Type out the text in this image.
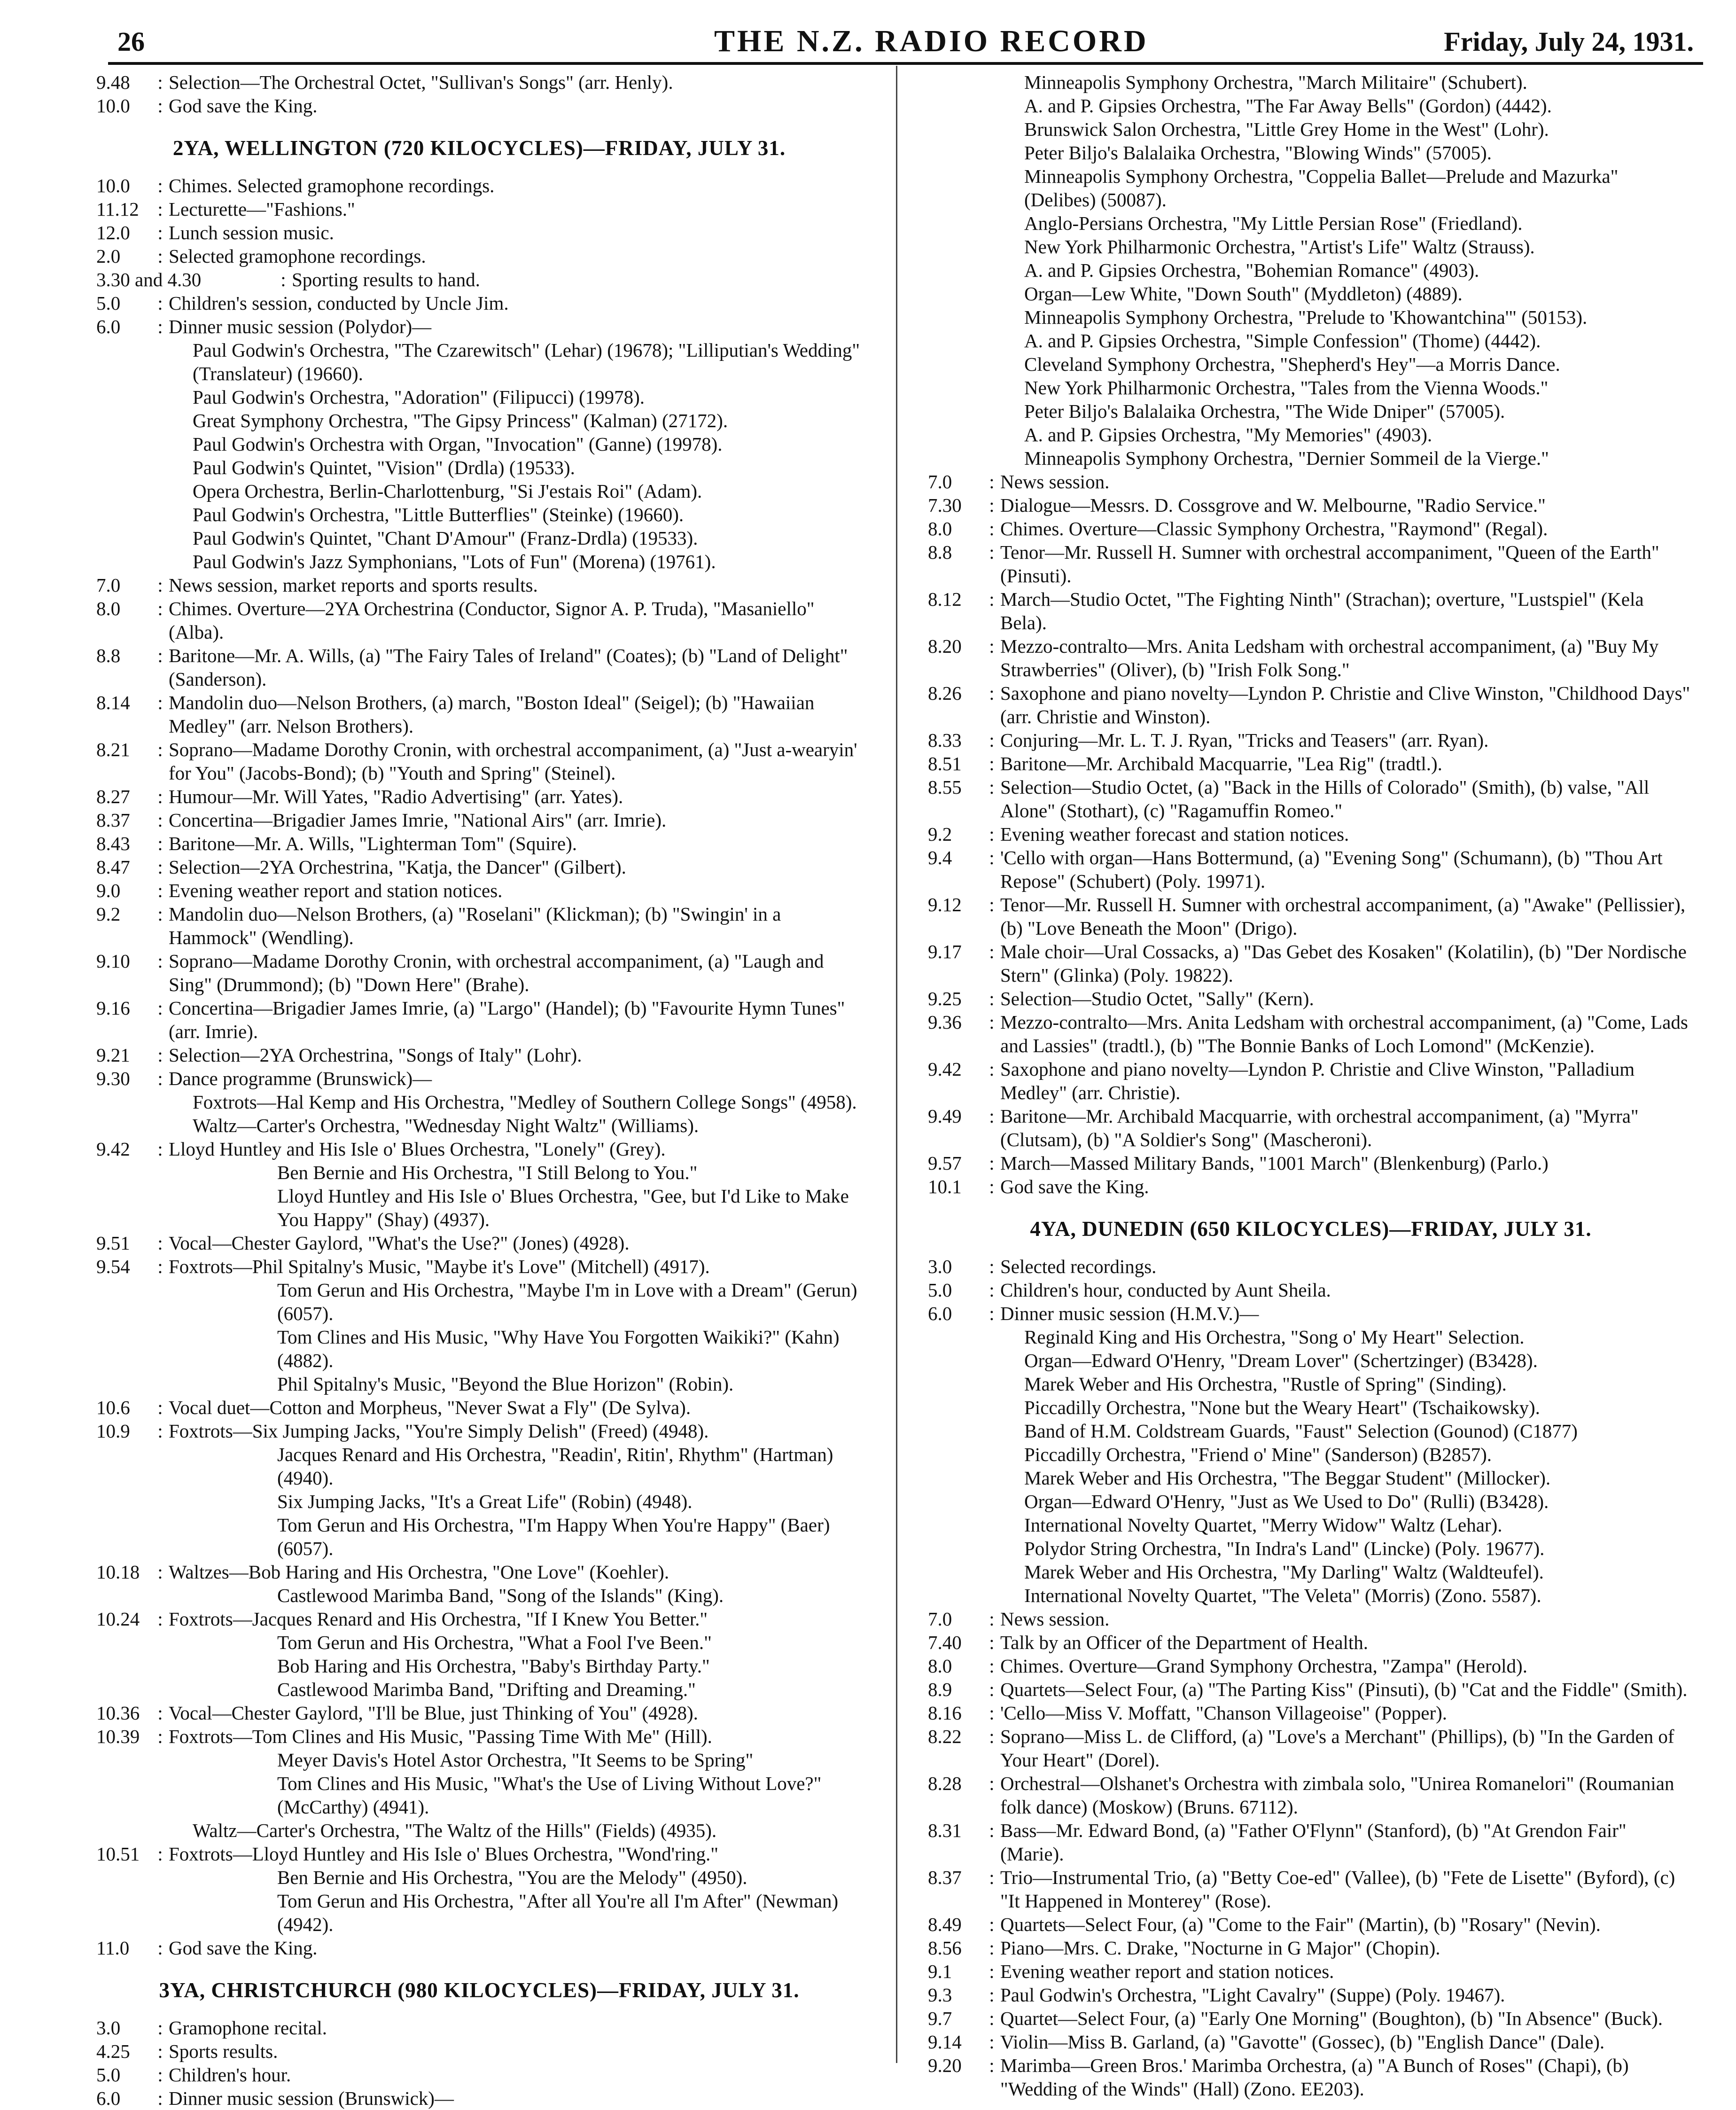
26	THE N.Z. RADIO RECORD	Friday, July 24, 1931.
9.48	: Selection—The Orchestral Octet, "Sullivan's Songs" (arr. Henly).
10.0	: God save the King.
2YA, WELLINGTON (720 KILOCYCLES)—FRIDAY, JULY 31.
10.0	: Chimes. Selected gramophone recordings.
11.12 : Lecturette—"Fashions."
12.0	: Lunch session music.
2.0	: Selected gramophone recordings.
3.30 and 4.30	: Sporting results to hand.
5.0	: Children's session, conducted by Uncle Jim.
6.0	: Dinner music session (Polydor)—
Paul Godwin's Orchestra, "The Czarewitsch" (Lehar) (19678); "Lilliputian's Wedding" (Translateur) (19660).
Paul Godwin's Orchestra, "Adoration" (Filipucci) (19978).
Great Symphony Orchestra, "The Gipsy Princess" (Kalman) (27172).
Paul Godwin's Orchestra with Organ, "Invocation" (Ganne) (19978).
Paul Godwin's Quintet, "Vision" (Drdla) (19533).
Opera Orchestra, Berlin-Charlottenburg, "Si J'estais Roi" (Adam).
Paul Godwin's Orchestra, "Little Butterflies" (Steinke) (19660).
Paul Godwin's Quintet, "Chant D'Amour" (Franz-Drdla) (19533).
Paul Godwin's Jazz Symphonians, "Lots of Fun" (Morena) (19761).
7.0	: News session, market reports and sports results.
8.0	: Chimes. Overture—2YA Orchestrina (Conductor, Signor A. P. Truda), "Masaniello" (Alba).
8.8	: Baritone—Mr. A. Wills, (a) "The Fairy Tales of Ireland" (Coates); (b) "Land of Delight" (Sanderson).
8.14	: Mandolin duo—Nelson Brothers, (a) march, "Boston Ideal" (Seigel); (b) "Hawaiian Medley" (arr. Nelson Brothers).
8.21	: Soprano—Madame Dorothy Cronin, with orchestral accompaniment, (a) "Just a-wearyin' for You" (Jacobs-Bond); (b) "Youth and Spring" (Steinel).
8.27	: Humour—Mr. Will Yates, "Radio Advertising" (arr. Yates).
8.37	: Concertina—Brigadier James Imrie, "National Airs" (arr. Imrie).
8.43	: Baritone—Mr. A. Wills, "Lighterman Tom" (Squire).
8.47	: Selection—2YA Orchestrina, "Katja, the Dancer" (Gilbert).
9.0	: Evening weather report and station notices.
9.2	: Mandolin duo—Nelson Brothers, (a) "Roselani" (Klickman); (b) "Swingin' in a Hammock" (Wendling).
9.10	: Soprano—Madame Dorothy Cronin, with orchestral accompaniment, (a) "Laugh and Sing" (Drummond); (b) "Down Here" (Brahe).
9.16	: Concertina—Brigadier James Imrie, (a) "Largo" (Handel); (b) "Favourite Hymn Tunes" (arr. Imrie).
9.21	: Selection—2YA Orchestrina, "Songs of Italy" (Lohr).
9.30	: Dance programme (Brunswick)—
Foxtrots—Hal Kemp and His Orchestra, "Medley of Southern College Songs" (4958).
Waltz—Carter's Orchestra, "Wednesday Night Waltz" (Williams).
9.42	: Lloyd Huntley and His Isle o' Blues Orchestra, "Lonely" (Grey).
Ben Bernie and His Orchestra, "I Still Belong to You."
Lloyd Huntley and His Isle o' Blues Orchestra, "Gee, but I'd Like to Make You Happy" (Shay) (4937).
9.51	: Vocal—Chester Gaylord, "What's the Use?" (Jones) (4928).
9.54	: Foxtrots—Phil Spitalny's Music, "Maybe it's Love" (Mitchell) (4917).
Tom Gerun and His Orchestra, "Maybe I'm in Love with a Dream" (Gerun) (6057).
Tom Clines and His Music, "Why Have You Forgotten Waikiki?" (Kahn) (4882).
Phil Spitalny's Music, "Beyond the Blue Horizon" (Robin).
10.6	: Vocal duet—Cotton and Morpheus, "Never Swat a Fly" (De Sylva).
10.9	: Foxtrots—Six Jumping Jacks, "You're Simply Delish" (Freed) (4948).
Jacques Renard and His Orchestra, "Readin', Ritin', Rhythm" (Hartman) (4940).
Six Jumping Jacks, "It's a Great Life" (Robin) (4948).
Tom Gerun and His Orchestra, "I'm Happy When You're Happy" (Baer) (6057).
10.18 : Waltzes—Bob Haring and His Orchestra, "One Love" (Koehler).
Castlewood Marimba Band, "Song of the Islands" (King).
10.24 : Foxtrots—Jacques Renard and His Orchestra, "If I Knew You Better."
Tom Gerun and His Orchestra, "What a Fool I've Been."
Bob Haring and His Orchestra, "Baby's Birthday Party."
Castlewood Marimba Band, "Drifting and Dreaming."
10.36 : Vocal—Chester Gaylord, "I'll be Blue, just Thinking of You" (4928).
10.39 : Foxtrots—Tom Clines and His Music, "Passing Time With Me" (Hill).
Meyer Davis's Hotel Astor Orchestra, "It Seems to be Spring"
Tom Clines and His Music, "What's the Use of Living Without Love?" (McCarthy) (4941).
Waltz—Carter's Orchestra, "The Waltz of the Hills" (Fields) (4935).
10.51 : Foxtrots—Lloyd Huntley and His Isle o' Blues Orchestra, "Wond'ring."
Ben Bernie and His Orchestra, "You are the Melody" (4950).
Tom Gerun and His Orchestra, "After all You're all I'm After" (Newman) (4942).
11.0	: God save the King.
3YA, CHRISTCHURCH (980 KILOCYCLES)—FRIDAY, JULY 31.
3.0	: Gramophone recital.
4.25	: Sports results.
5.0	: Children's hour.
6.0	: Dinner music session (Brunswick)—
Minneapolis Symphony Orchestra, "March Militaire" (Schubert).
A. and P. Gipsies Orchestra, "The Far Away Bells" (Gordon) (4442).
Brunswick Salon Orchestra, "Little Grey Home in the West" (Lohr).
Peter Biljo's Balalaika Orchestra, "Blowing Winds" (57005).
Minneapolis Symphony Orchestra, "Coppelia Ballet—Prelude and Mazurka" (Delibes) (50087).
Anglo-Persians Orchestra, "My Little Persian Rose" (Friedland).
New York Philharmonic Orchestra, "Artist's Life" Waltz (Strauss).
A. and P. Gipsies Orchestra, "Bohemian Romance" (4903).
Organ—Lew White, "Down South" (Myddleton) (4889).
Minneapolis Symphony Orchestra, "Prelude to 'Khowantchina'" (50153).
A. and P. Gipsies Orchestra, "Simple Confession" (Thome) (4442).
Cleveland Symphony Orchestra, "Shepherd's Hey"—a Morris Dance.
New York Philharmonic Orchestra, "Tales from the Vienna Woods."
Peter Biljo's Balalaika Orchestra, "The Wide Dniper" (57005).
A. and P. Gipsies Orchestra, "My Memories" (4903).
Minneapolis Symphony Orchestra, "Dernier Sommeil de la Vierge."
7.0	: News session.
7.30	: Dialogue—Messrs. D. Cossgrove and W. Melbourne, "Radio Service."
8.0	: Chimes. Overture—Classic Symphony Orchestra, "Raymond" (Regal).
8.8	: Tenor—Mr. Russell H. Sumner with orchestral accompaniment, "Queen of the Earth" (Pinsuti).
8.12	: March—Studio Octet, "The Fighting Ninth" (Strachan); overture, "Lustspiel" (Kela Bela).
8.20	: Mezzo-contralto—Mrs. Anita Ledsham with orchestral accompaniment, (a) "Buy My Strawberries" (Oliver), (b) "Irish Folk Song."
8.26	: Saxophone and piano novelty—Lyndon P. Christie and Clive Winston, "Childhood Days" (arr. Christie and Winston).
8.33	: Conjuring—Mr. L. T. J. Ryan, "Tricks and Teasers" (arr. Ryan).
8.51	: Baritone—Mr. Archibald Macquarrie, "Lea Rig" (tradtl.).
8.55	: Selection—Studio Octet, (a) "Back in the Hills of Colorado" (Smith), (b) valse, "All Alone" (Stothart), (c) "Ragamuffin Romeo."
9.2	: Evening weather forecast and station notices.
9.4	: 'Cello with organ—Hans Bottermund, (a) "Evening Song" (Schumann), (b) "Thou Art Repose" (Schubert) (Poly. 19971).
9.12	: Tenor—Mr. Russell H. Sumner with orchestral accompaniment, (a) "Awake" (Pellissier), (b) "Love Beneath the Moon" (Drigo).
9.17	: Male choir—Ural Cossacks, a) "Das Gebet des Kosaken" (Kolatilin), (b) "Der Nordische Stern" (Glinka) (Poly. 19822).
9.25	: Selection—Studio Octet, "Sally" (Kern).
9.36	: Mezzo-contralto—Mrs. Anita Ledsham with orchestral accompaniment, (a) "Come, Lads and Lassies" (tradtl.), (b) "The Bonnie Banks of Loch Lomond" (McKenzie).
9.42	: Saxophone and piano novelty—Lyndon P. Christie and Clive Winston, "Palladium Medley" (arr. Christie).
9.49	: Baritone—Mr. Archibald Macquarrie, with orchestral accompaniment, (a) "Myrra" (Clutsam), (b) "A Soldier's Song" (Mascheroni).
9.57	: March—Massed Military Bands, "1001 March" (Blenkenburg) (Parlo.)
10.1	: God save the King.
4YA, DUNEDIN (650 KILOCYCLES)—FRIDAY, JULY 31.
3.0	: Selected recordings.
5.0	: Children's hour, conducted by Aunt Sheila.
6.0	: Dinner music session (H.M.V.)—
Reginald King and His Orchestra, "Song o' My Heart" Selection.
Organ—Edward O'Henry, "Dream Lover" (Schertzinger) (B3428).
Marek Weber and His Orchestra, "Rustle of Spring" (Sinding).
Piccadilly Orchestra, "None but the Weary Heart" (Tschaikowsky).
Band of H.M. Coldstream Guards, "Faust" Selection (Gounod) (C1877)
Piccadilly Orchestra, "Friend o' Mine" (Sanderson) (B2857).
Marek Weber and His Orchestra, "The Beggar Student" (Millocker).
Organ—Edward O'Henry, "Just as We Used to Do" (Rulli) (B3428).
International Novelty Quartet, "Merry Widow" Waltz (Lehar).
Polydor String Orchestra, "In Indra's Land" (Lincke) (Poly. 19677).
Marek Weber and His Orchestra, "My Darling" Waltz (Waldteufel).
International Novelty Quartet, "The Veleta" (Morris) (Zono. 5587).
7.0	: News session.
7.40	: Talk by an Officer of the Department of Health.
8.0	: Chimes. Overture—Grand Symphony Orchestra, "Zampa" (Herold).
8.9	: Quartets—Select Four, (a) "The Parting Kiss" (Pinsuti), (b) "Cat and the Fiddle" (Smith).
8.16	: 'Cello—Miss V. Moffatt, "Chanson Villageoise" (Popper).
8.22	: Soprano—Miss L. de Clifford, (a) "Love's a Merchant" (Phillips), (b) "In the Garden of Your Heart" (Dorel).
8.28	: Orchestral—Olshanet's Orchestra with zimbala solo, "Unirea Romanelori" (Roumanian folk dance) (Moskow) (Bruns. 67112).
8.31	: Bass—Mr. Edward Bond, (a) "Father O'Flynn" (Stanford), (b) "At Grendon Fair" (Marie).
8.37	: Trio—Instrumental Trio, (a) "Betty Coe-ed" (Vallee), (b) "Fete de Lisette" (Byford), (c) "It Happened in Monterey" (Rose).
8.49	: Quartets—Select Four, (a) "Come to the Fair" (Martin), (b) "Rosary" (Nevin).
8.56	: Piano—Mrs. C. Drake, "Nocturne in G Major" (Chopin).
9.1	: Evening weather report and station notices.
9.3	: Paul Godwin's Orchestra, "Light Cavalry" (Suppe) (Poly. 19467).
9.7	: Quartet—Select Four, (a) "Early One Morning" (Boughton), (b) "In Absence" (Buck).
9.14	: Violin—Miss B. Garland, (a) "Gavotte" (Gossec), (b) "English Dance" (Dale).
9.20	: Marimba—Green Bros.' Marimba Orchestra, (a) "A Bunch of Roses" (Chapi), (b) "Wedding of the Winds" (Hall) (Zono. EE203).
